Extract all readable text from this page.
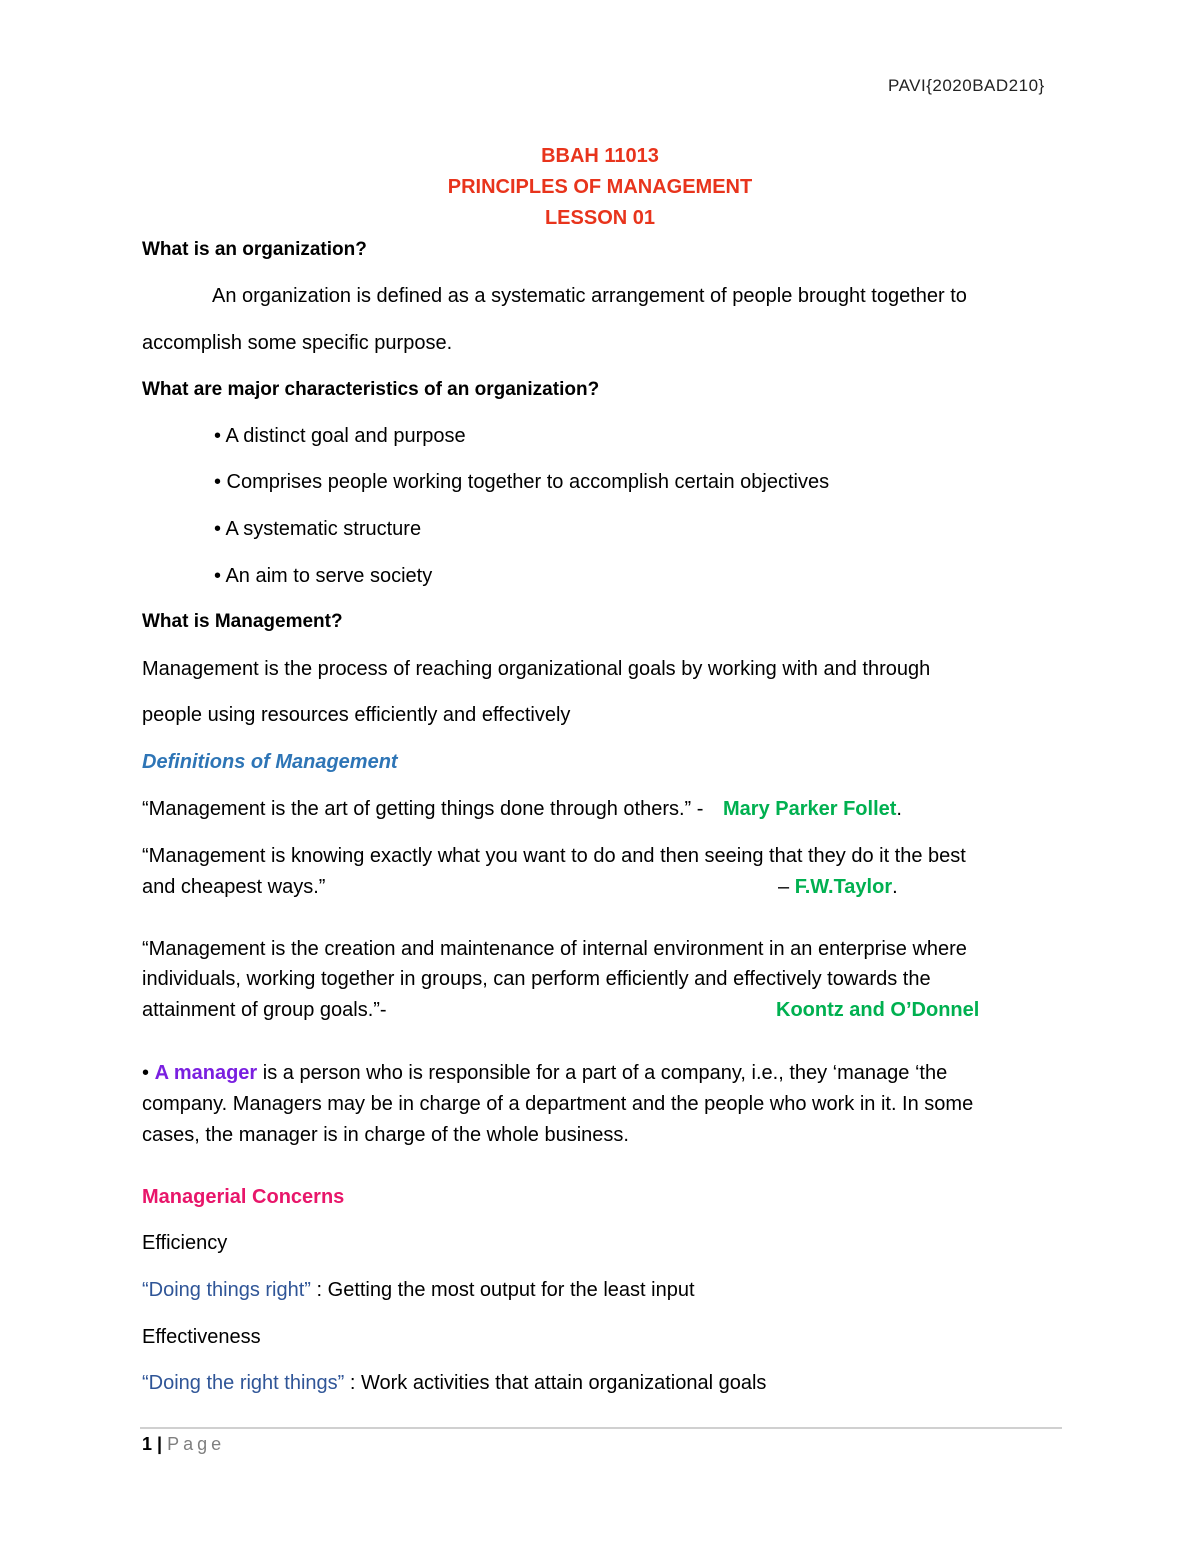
PAVI{2020BAD210}
BBAH 11013
PRINCIPLES OF MANAGEMENT
LESSON 01
What is an organization?
An organization is defined as a systematic arrangement of people brought together to
accomplish some specific purpose.
What are major characteristics of an organization?
• A distinct goal and purpose
• Comprises people working together to accomplish certain objectives
• A systematic structure
• An aim to serve society
What is Management?
Management is the process of reaching organizational goals by working with and through
people using resources efficiently and effectively
Definitions of Management
“Management is the art of getting things done through others.” - Mary Parker Follet.
“Management is knowing exactly what you want to do and then seeing that they do it the best
and cheapest ways.”	– F.W.Taylor.
“Management is the creation and maintenance of internal environment in an enterprise where
individuals, working together in groups, can perform efficiently and effectively towards the
attainment of group goals.”-	Koontz and O’Donnel
• A manager is a person who is responsible for a part of a company, i.e., they ‘manage ‘the
company. Managers may be in charge of a department and the people who work in it. In some
cases, the manager is in charge of the whole business.
Managerial Concerns
Efficiency
“Doing things right” : Getting the most output for the least input
Effectiveness
“Doing the right things” : Work activities that attain organizational goals
1 | Page
